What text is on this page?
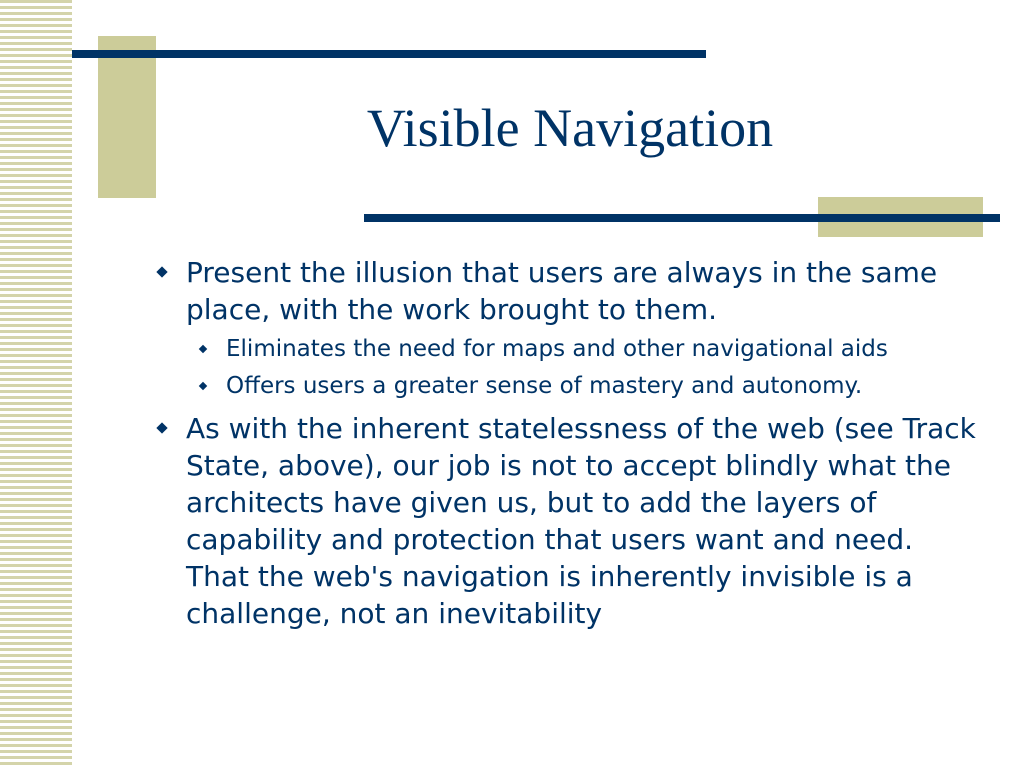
Visible Navigation
Present the illusion that users are always in the same place, with the work brought to them.
Eliminates the need for maps and other navigational aids
Offers users a greater sense of mastery and autonomy.
As with the inherent statelessness of the web (see Track State, above), our job is not to accept blindly what the architects have given us, but to add the layers of capability and protection that users want and need. That the web's navigation is inherently invisible is a challenge, not an inevitability
